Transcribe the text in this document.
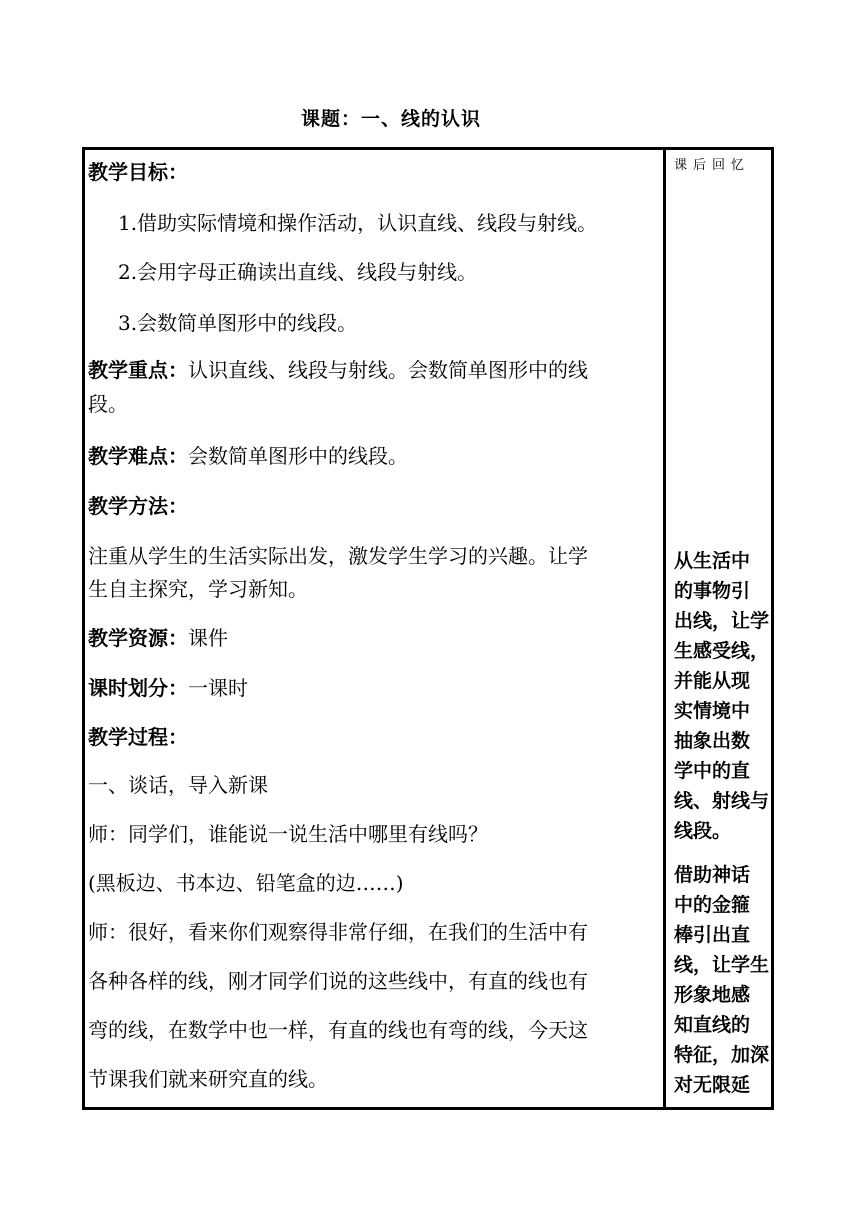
课题：一、线的认识
教学目标：
1.借助实际情境和操作活动，认识直线、线段与射线。
2.会用字母正确读出直线、线段与射线。
3.会数简单图形中的线段。
教学重点：认识直线、线段与射线。会数简单图形中的线
段。
教学难点：会数简单图形中的线段。
教学方法：
注重从学生的生活实际出发，激发学生学习的兴趣。让学
生自主探究，学习新知。
教学资源：课件
课时划分：一课时
教学过程：
一、谈话，导入新课
师：同学们，谁能说一说生活中哪里有线吗？
(黑板边、书本边、铅笔盒的边……)
师：很好，看来你们观察得非常仔细，在我们的生活中有
各种各样的线，刚才同学们说的这些线中，有直的线也有
弯的线，在数学中也一样，有直的线也有弯的线，今天这
节课我们就来研究直的线。
课后回忆
从生活中
的事物引
出线，让学
生感受线，
并能从现
实情境中
抽象出数
学中的直
线、射线与
线段。
借助神话
中的金箍
棒引出直
线，让学生
形象地感
知直线的
特征，加深
对无限延
